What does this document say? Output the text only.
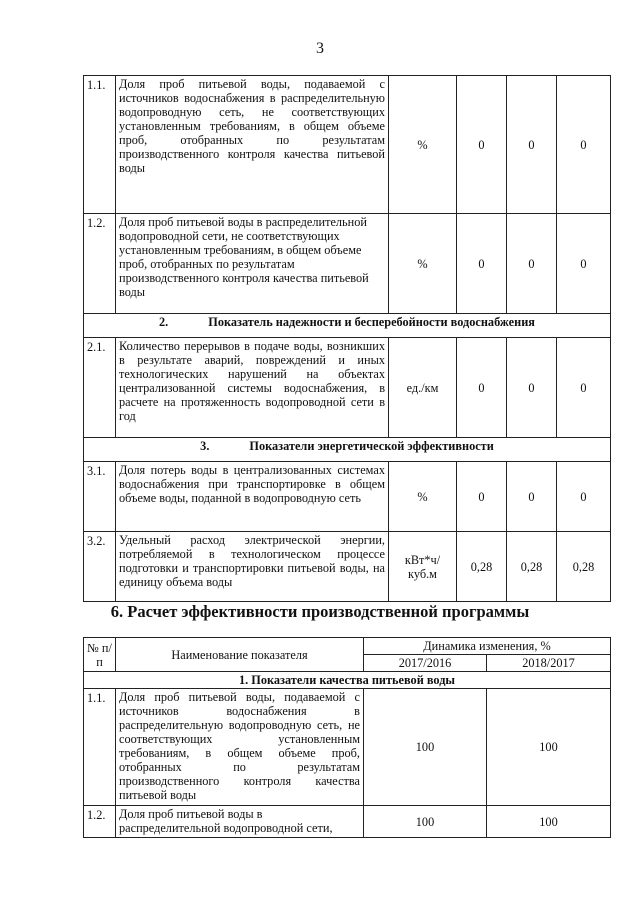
3
1.1.	Доля проб питьевой воды, подаваемой с источников водоснабжения в распределительную водопроводную сеть, не соответствующих установленным требованиям, в общем объеме проб, отобранных по результатам производственного контроля качества питьевой воды	%	0	0	0
1.2.	Доля проб питьевой воды в распределительной водопроводной сети, не соответствующих установленным требованиям, в общем объеме проб, отобранных по результатам производственного контроля качества питьевой воды	%	0	0	0
2. Показатель надежности и бесперебойности водоснабжения					
2.1.	Количество перерывов в подаче воды, возникших в результате аварий, повреждений и иных технологических нарушений на объектах централизованной системы водоснабжения, в расчете на протяженность водопроводной сети в год	ед./км	0	0	0
3. Показатели энергетической эффективности					
3.1.	Доля потерь воды в централизованных системах водоснабжения при транспортировке в общем объеме воды, поданной в водопроводную сеть	%	0	0	0
3.2.	Удельный расход электрической энергии, потребляемой в технологическом процессе подготовки и транспортировки питьевой воды, на единицу объема воды	кВт*ч/ куб.м	0,28	0,28	0,28
6. Расчет эффективности производственной программы
№ п/п	Наименование показателя	Динамика изменения, %	
		2017/2016	2018/2017
1. Показатели качества питьевой воды			
1.1.	Доля проб питьевой воды, подаваемой с источников водоснабжения в распределительную водопроводную сеть, не соответствующих установленным требованиям, в общем объеме проб, отобранных по результатам производственного контроля качества питьевой воды	100	100
1.2.	Доля проб питьевой воды в распределительной водопроводной сети,	100	100
